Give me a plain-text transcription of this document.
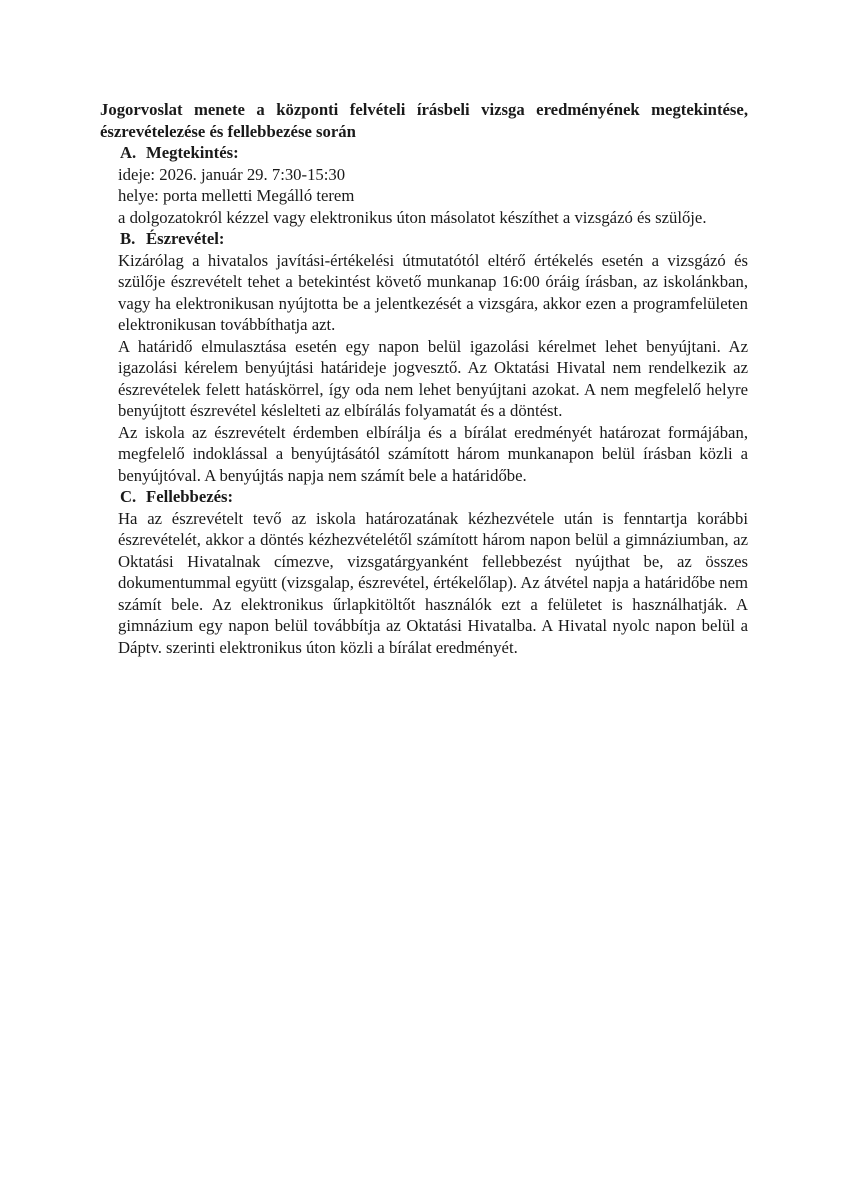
Jogorvoslat menete a központi felvételi írásbeli vizsga eredményének megtekintése, észrevételezése és fellebbezése során
A. Megtekintés:

ideje: 2026. január 29. 7:30-15:30

helye: porta melletti Megálló terem

a dolgozatokról kézzel vagy elektronikus úton másolatot készíthet a vizsgázó és szülője.

B. Észrevétel:

Kizárólag a hivatalos javítási-értékelési útmutatótól eltérő értékelés esetén a vizsgázó és szülője észrevételt tehet a betekintést követő munkanap 16:00 óráig írásban, az iskolánkban, vagy ha elektronikusan nyújtotta be a jelentkezését a vizsgára, akkor ezen a programfelületen elektronikusan továbbíthatja azt.

A határidő elmulasztása esetén egy napon belül igazolási kérelmet lehet benyújtani. Az igazolási kérelem benyújtási határideje jogvesztő. Az Oktatási Hivatal nem rendelkezik az észrevételek felett hatáskörrel, így oda nem lehet benyújtani azokat. A nem megfelelő helyre benyújtott észrevétel késlelteti az elbírálás folyamatát és a döntést.

Az iskola az észrevételt érdemben elbírálja és a bírálat eredményét határozat formájában, megfelelő indoklással a benyújtásától számított három munkanapon belül írásban közli a benyújtóval. A benyújtás napja nem számít bele a határidőbe.

C. Fellebbezés:

Ha az észrevételt tevő az iskola határozatának kézhezvétele után is fenntartja korábbi észrevételét, akkor a döntés kézhezvételétől számított három napon belül a gimnáziumban, az Oktatási Hivatalnak címezve, vizsgatárgyanként fellebbezést nyújthat be, az összes dokumentummal együtt (vizsgalap, észrevétel, értékelőlap). Az átvétel napja a határidőbe nem számít bele. Az elektronikus űrlapkitöltőt használók ezt a felületet is használhatják. A gimnázium egy napon belül továbbítja az Oktatási Hivatalba. A Hivatal nyolc napon belül a Dáptv. szerinti elektronikus úton közli a bírálat eredményét.
